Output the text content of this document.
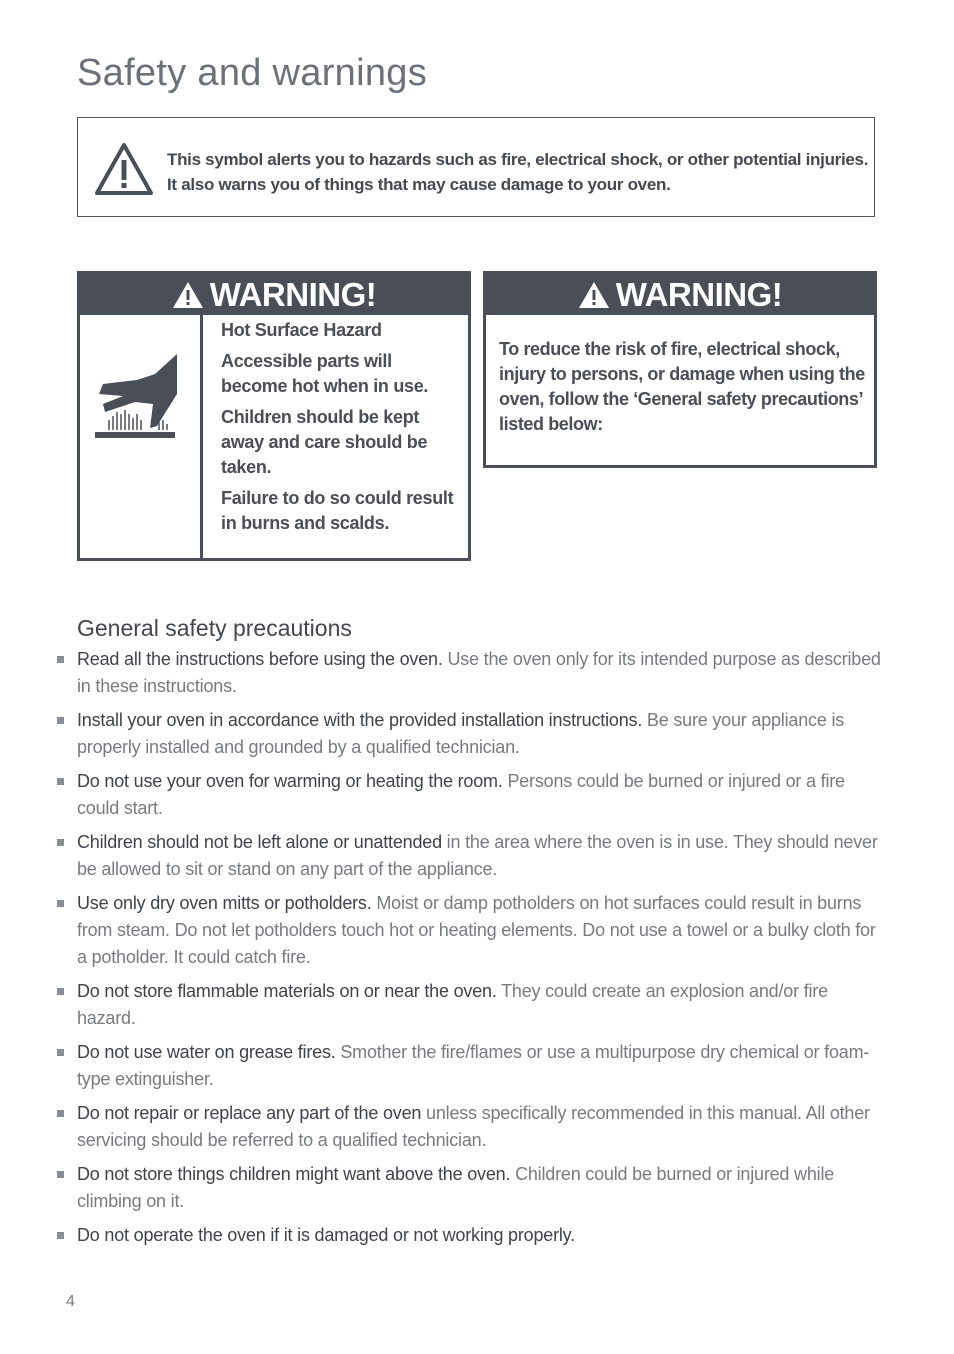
Safety and warnings

This symbol alerts you to hazards such as fire, electrical shock, or other potential injuries. It also warns you of things that may cause damage to your oven.

WARNING!

Hot Surface Hazard

Accessible parts will become hot when in use.

Children should be kept away and care should be taken.

Failure to do so could result in burns and scalds.

WARNING!
To reduce the risk of fire, electrical shock, injury to persons, or damage when using the oven, follow the ‘General safety precautions’ listed below:
General safety precautions
Read all the instructions before using the oven. Use the oven only for its intended purpose as described in these instructions.
Install your oven in accordance with the provided installation instructions. Be sure your appliance is properly installed and grounded by a qualified technician.
Do not use your oven for warming or heating the room. Persons could be burned or injured or a fire could start.
Children should not be left alone or unattended in the area where the oven is in use. They should never be allowed to sit or stand on any part of the appliance.
Use only dry oven mitts or potholders. Moist or damp potholders on hot surfaces could result in burns from steam. Do not let potholders touch hot or heating elements. Do not use a towel or a bulky cloth for a potholder. It could catch fire.
Do not store flammable materials on or near the oven. They could create an explosion and/or fire hazard.
Do not use water on grease fires. Smother the fire/flames or use a multipurpose dry chemical or foam-type extinguisher.
Do not repair or replace any part of the oven unless specifically recommended in this manual. All other servicing should be referred to a qualified technician.
Do not store things children might want above the oven. Children could be burned or injured while climbing on it.
Do not operate the oven if it is damaged or not working properly.
4
